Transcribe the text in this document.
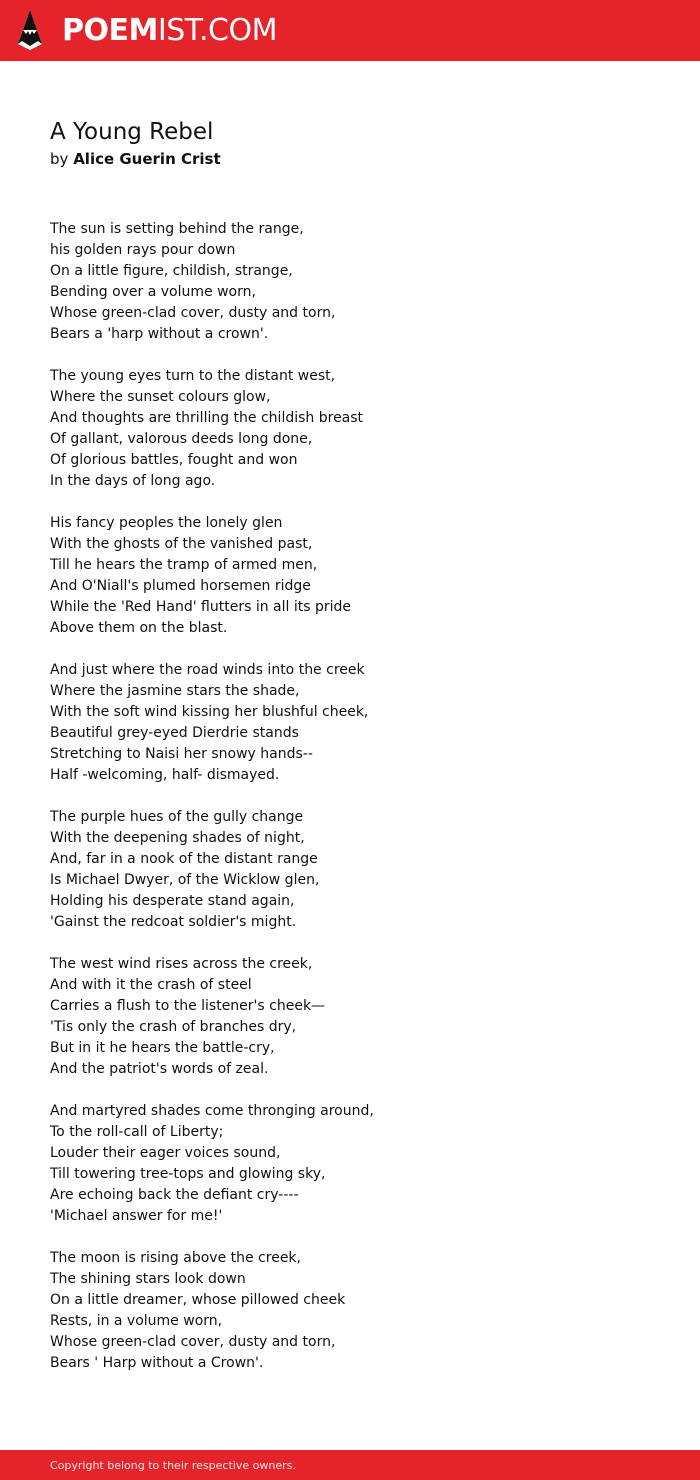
POEMIST.COM
A Young Rebel

by Alice Guerin Crist

The sun is setting behind the range,
his golden rays pour down
On a little figure, childish, strange,
Bending over a volume worn,
Whose green-clad cover, dusty and torn,
Bears a 'harp without a crown'.

The young eyes turn to the distant west,
Where the sunset colours glow,
And thoughts are thrilling the childish breast
Of gallant, valorous deeds long done,
Of glorious battles, fought and won
In the days of long ago.

His fancy peoples the lonely glen
With the ghosts of the vanished past,
Till he hears the tramp of armed men,
And O'Niall's plumed horsemen ridge
While the 'Red Hand' flutters in all its pride
Above them on the blast.

And just where the road winds into the creek
Where the jasmine stars the shade,
With the soft wind kissing her blushful cheek,
Beautiful grey-eyed Dierdrie stands
Stretching to Naisi her snowy hands--
Half -welcoming, half- dismayed.

The purple hues of the gully change
With the deepening shades of night,
And, far in a nook of the distant range
Is Michael Dwyer, of the Wicklow glen,
Holding his desperate stand again,
'Gainst the redcoat soldier's might.

The west wind rises across the creek,
And with it the crash of steel
Carries a flush to the listener's cheek—
'Tis only the crash of branches dry,
But in it he hears the battle-cry,
And the patriot's words of zeal.

And martyred shades come thronging around,
To the roll-call of Liberty;
Louder their eager voices sound,
Till towering tree-tops and glowing sky,
Are echoing back the defiant cry----
'Michael answer for me!'

The moon is rising above the creek,
The shining stars look down
On a little dreamer, whose pillowed cheek
Rests, in a volume worn,
Whose green-clad cover, dusty and torn,
Bears ' Harp without a Crown'.

Copyright belong to their respective owners.
